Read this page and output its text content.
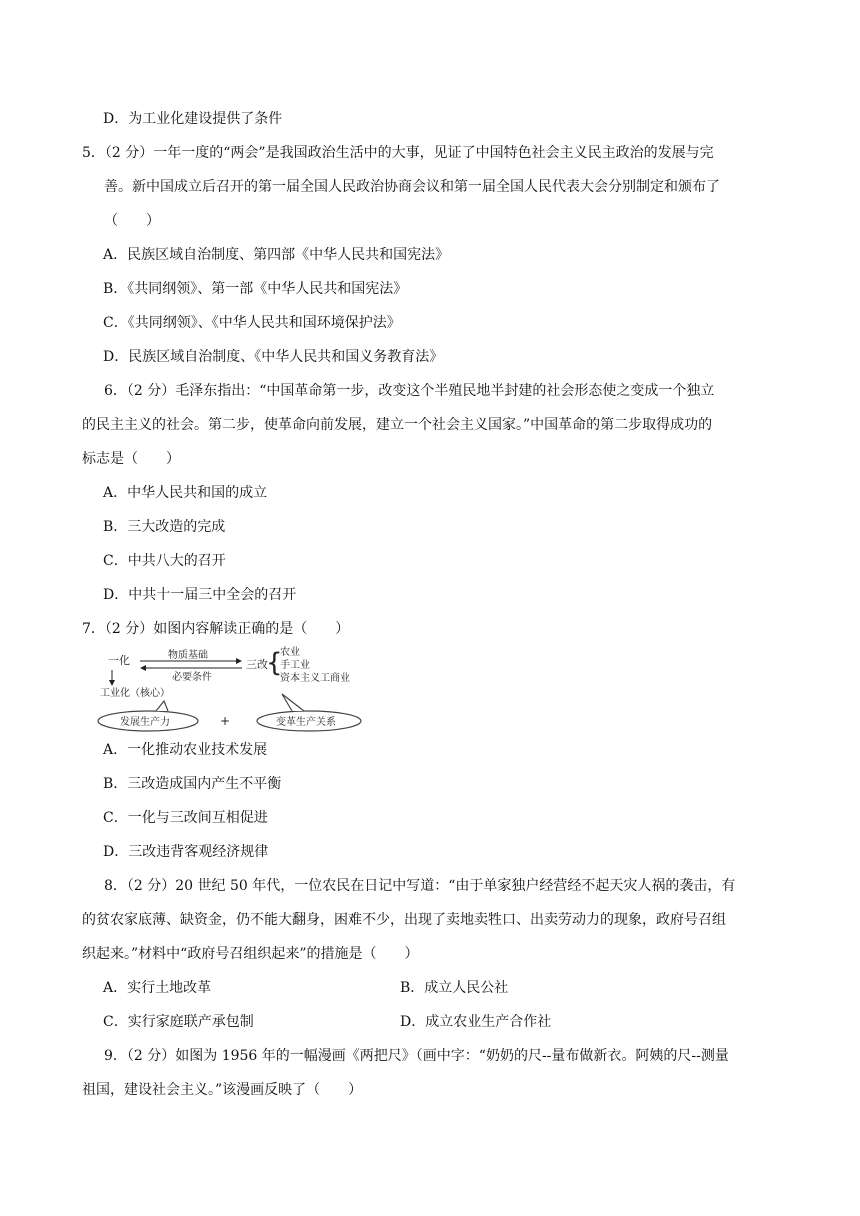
D．为工业化建设提供了条件
5．（2 分）一年一度的“两会”是我国政治生活中的大事，见证了中国特色社会主义民主政治的发展与完
善。新中国成立后召开的第一届全国人民政治协商会议和第一届全国人民代表大会分别制定和颁布了
（　　）
A．民族区域自治制度、第四部《中华人民共和国宪法》
B．《共同纲领》、第一部《中华人民共和国宪法》
C．《共同纲领》、《中华人民共和国环境保护法》
D．民族区域自治制度、《中华人民共和国义务教育法》
6．（2 分）毛泽东指出：“中国革命第一步，改变这个半殖民地半封建的社会形态使之变成一个独立
的民主主义的社会。第二步，使革命向前发展，建立一个社会主义国家。”中国革命的第二步取得成功的
标志是（　　）
A．中华人民共和国的成立
B．三大改造的完成
C．中共八大的召开
D．中共十一届三中全会的召开
7．（2 分）如图内容解读正确的是（　　）
一化	物质基础
必要条件
三改
{
农业
手工业
资本主义工商业
工业化（核心）
发展生产力	+	变革生产关系
A．一化推动农业技术发展
B．三改造成国内产生不平衡
C．一化与三改间互相促进
D．三改违背客观经济规律
8．（2 分）20 世纪 50 年代，一位农民在日记中写道：“由于单家独户经营经不起天灾人祸的袭击，有
的贫农家底薄、缺资金，仍不能大翻身，困难不少，出现了卖地卖牲口、出卖劳动力的现象，政府号召组
织起来。”材料中“政府号召组织起来”的措施是（　　）
A．实行土地改革	B．成立人民公社
C．实行家庭联产承包制	D．成立农业生产合作社
9．（2 分）如图为 1956 年的一幅漫画《两把尺》（画中字：“奶奶的尺--量布做新衣。阿姨的尺--测量
祖国，建设社会主义。”该漫画反映了（　　）
